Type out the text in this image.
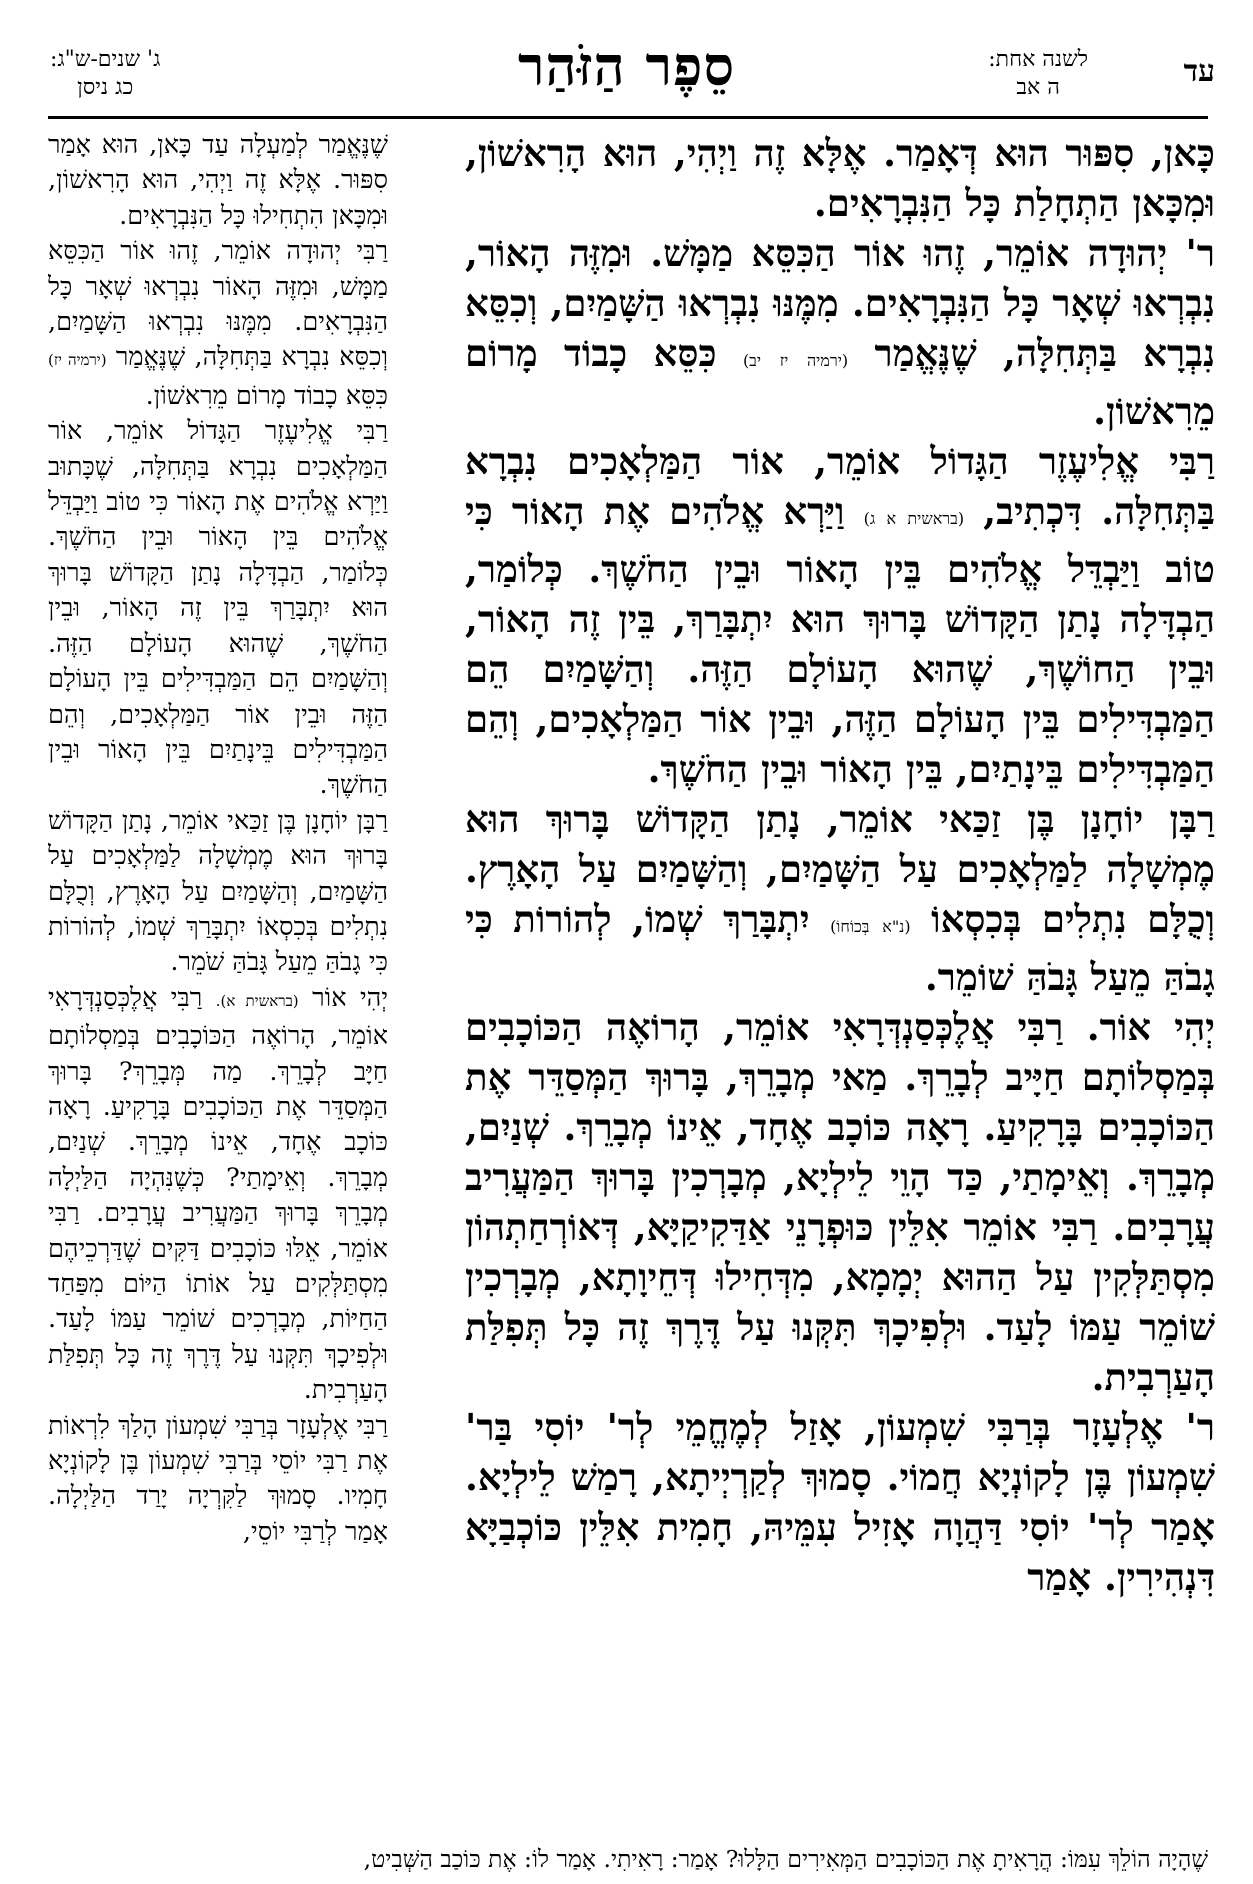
עד
לשנה אחת:
ה אב
סֵפֶר הַזֹּהַר
ג' שנים-ש"ג:
כג ניסן

כָּאן, סִפּוּר הוּא דְּאָמַר. אֶלָּא זֶה וַיְהִי, הוּא הָרִאשׁוֹן, וּמִכָּאן הַתְחָלַת כָּל הַנִּבְרָאִים.

ר' יְהוּדָה אוֹמֵר, זֶהוּ אוֹר הַכִּסֵּא מַמָּשׁ. וּמִזֶּה הָאוֹר, נִבְרְאוּ שְׁאָר כָּל הַנִּבְרָאִים. מִמֶּנּוּ נִבְרְאוּ הַשָּׁמַיִם, וְכִסֵּא נִבְרָא בַּתְּחִלָּה, שֶׁנֶּאֱמַר (ירמיה יז יב) כִּסֵּא כָבוֹד מָרוֹם מֵרִאשׁוֹן.

רַבִּי אֱלִיעֶזֶר הַגָּדוֹל אוֹמֵר, אוֹר הַמַּלְאָכִים נִבְרָא בַּתְּחִלָּה. דִּכְתִיב, (בראשית א ג) וַיַּרְא אֱלֹהִים אֶת הָאוֹר כִּי טוֹב וַיַּבְדֵּל אֱלֹהִים בֵּין הָאוֹר וּבֵין הַחֹשֶׁךְ. כְּלוֹמַר, הַבְדָּלָה נָתַן הַקָּדוֹשׁ בָּרוּךְ הוּא יִתְבָּרַךְ, בֵּין זֶה הָאוֹר, וּבֵין הַחוֹשֶׁךְ, שֶׁהוּא הָעוֹלָם הַזֶּה. וְהַשָּׁמַיִם הֵם הַמַּבְדִּילִים בֵּין הָעוֹלָם הַזֶּה, וּבֵין אוֹר הַמַּלְאָכִים, וְהֵם הַמַּבְדִּילִים בֵּינָתַיִם, בֵּין הָאוֹר וּבֵין הַחֹשֶׁךְ.

רַבָּן יוֹחָנָן בֶּן זַכַּאי אוֹמֵר, נָתַן הַקָּדוֹשׁ בָּרוּךְ הוּא מֶמְשָׁלָה לַמַּלְאָכִים עַל הַשָּׁמַיִם, וְהַשָּׁמַיִם עַל הָאָרֶץ. וְכֻלָּם נִתְלִים בְּכִסְאוֹ (נ"א בְּכוֹחוֹ) יִתְבָּרַךְ שְׁמוֹ, לְהוֹרוֹת כִּי גָבֹהַּ מֵעַל גָּבֹהַּ שׁוֹמֵר.

יְהִי אוֹר. רַבִּי אֲלֶכְּסַנְדְּרָאִי אוֹמֵר, הָרוֹאֶה הַכּוֹכָבִים בְּמַסְלוֹתָם חַיָּיב לְבָרֵךְ. מַאי מְבָרֵךְ, בָּרוּךְ הַמְּסַדֵּר אֶת הַכּוֹכָבִים בָּרָקִיעַ. רָאָה כּוֹכָב אֶחָד, אֵינוֹ מְבָרֵךְ. שְׁנַיִם, מְבָרֵךְ. וְאֵימָתַי, כַּד הָוֵי לֵילְיָא, מְבָרְכִין בָּרוּךְ הַמַּעֲרִיב עֲרָבִים. רַבִּי אוֹמֵר אִלֵּין כּוּפְרָנֵי אַדַּקִיקַיָּא, דְּאוֹרְחַתְהוֹן מִסְתַּלְּקִין עַל הַהוּא יְמָמָא, מִדְּחִילוּ דְּחֵיוָתָא, מְבָרְכִין שׁוֹמֵר עַמּוֹ לָעַד. וּלְפִיכָךְ תִּקְּנוּ עַל דֶּרֶךְ זֶה כָּל תְּפִלַּת הָעַרְבִית.

ר' אֶלְעָזָר בְּרַבִּי שִׁמְעוֹן, אָזַל לְמֶחֱמֵי לְר' יוֹסִי בַּר' שִׁמְעוֹן בֶּן לָקוֹנְיָא חֲמוֹי. סָמוּךְ לְקַרְיְיתָא, רָמַשׁ לֵילְיָא. אָמַר לְר' יוֹסִי דַּהֲוָה אָזִיל עִמֵּיהּ, חָמִית אִלֵּין כּוֹכְבַיָּא דִּנְהִירִין. אָמַר

שֶׁנֶּאֱמַר לְמַעְלָה עַד כָּאן, הוּא אָמַר סִפּוּר. אֶלָּא זֶה וַיְהִי, הוּא הָרִאשׁוֹן, וּמִכָּאן הִתְחִילוּ כָּל הַנִּבְרָאִים.

רַבִּי יְהוּדָה אוֹמֵר, זֶהוּ אוֹר הַכִּסֵּא מַמָּשׁ, וּמִזֶּה הָאוֹר נִבְרְאוּ שְׁאָר כָּל הַנִּבְרָאִים. מִמֶּנּוּ נִבְרְאוּ הַשָּׁמַיִם, וְכִסֵּא נִבְרָא בַּתְּחִלָּה, שֶׁנֶּאֱמַר (ירמיה יז) כִּסֵּא כָבוֹד מָרוֹם מֵרִאשׁוֹן.

רַבִּי אֱלִיעֶזֶר הַגָּדוֹל אוֹמֵר, אוֹר הַמַּלְאָכִים נִבְרָא בַּתְּחִלָּה, שֶׁכָּתוּב וַיַּרְא אֱלֹהִים אֶת הָאוֹר כִּי טוֹב וַיַּבְדֵּל אֱלֹהִים בֵּין הָאוֹר וּבֵין הַחֹשֶׁךְ. כְּלוֹמַר, הַבְדָּלָה נָתַן הַקָּדוֹשׁ בָּרוּךְ הוּא יִתְבָּרַךְ בֵּין זֶה הָאוֹר, וּבֵין הַחֹשֶׁךְ, שֶׁהוּא הָעוֹלָם הַזֶּה. וְהַשָּׁמַיִם הֵם הַמַּבְדִּילִים בֵּין הָעוֹלָם הַזֶּה וּבֵין אוֹר הַמַּלְאָכִים, וְהֵם הַמַּבְדִּילִים בֵּינָתַיִם בֵּין הָאוֹר וּבֵין הַחֹשֶׁךְ.

רַבָּן יוֹחָנָן בֶּן זַכַּאי אוֹמֵר, נָתַן הַקָּדוֹשׁ בָּרוּךְ הוּא מֶמְשָׁלָה לַמַּלְאָכִים עַל הַשָּׁמַיִם, וְהַשָּׁמַיִם עַל הָאָרֶץ, וְכֻלָּם נִתְלִים בְּכִסְאוֹ יִתְבָּרַךְ שְׁמוֹ, לְהוֹרוֹת כִּי גָבֹהַּ מֵעַל גָּבֹהַּ שֹׁמֵר.

יְהִי אוֹר (בראשית א). רַבִּי אֲלֶכְּסַנְדְּרָאִי אוֹמֵר, הָרוֹאֶה הַכּוֹכָבִים בְּמַסְלוֹתָם חַיָּב לְבָרֵךְ. מַה מְּבָרֵךְ? בָּרוּךְ הַמְּסַדֵּר אֶת הַכּוֹכָבִים בָּרָקִיעַ. רָאָה כּוֹכָב אֶחָד, אֵינוֹ מְבָרֵךְ. שְׁנַיִם, מְבָרֵךְ. וְאֵימָתַי? כְּשֶׁנִּהְיָה הַלַּיְלָה מְבָרֵךְ בָּרוּךְ הַמַּעֲרִיב עֲרָבִים. רַבִּי אוֹמֵר, אֵלּוּ כּוֹכָבִים דַּקִּים שֶׁדַּרְכֵיהֶם מִסְתַּלְּקִים עַל אוֹתוֹ הַיּוֹם מִפַּחַד הַחַיּוֹת, מְבָרְכִים שׁוֹמֵר עַמּוֹ לָעַד. וּלְפִיכָךְ תִּקְּנוּ עַל דֶּרֶךְ זֶה כָּל תְּפִלַּת הָעַרְבִית.

רַבִּי אֶלְעָזָר בְּרַבִּי שִׁמְעוֹן הָלַךְ לִרְאוֹת אֶת רַבִּי יוֹסֵי בְּרַבִּי שִׁמְעוֹן בֶּן לָקוֹנְיָא חָמִיו. סָמוּךְ לַקִּרְיָה יָרַד הַלַּיְלָה. אָמַר לְרַבִּי יוֹסֵי,

שֶׁהָיָה הוֹלֵךְ עִמּוֹ: הֲרָאִיתָ אֶת הַכּוֹכָבִים הַמְּאִירִים הַלָּלוּ? אָמַר: רָאִיתִי. אָמַר לוֹ: אֶת כּוֹכַב הַשְּׁבִיט,
